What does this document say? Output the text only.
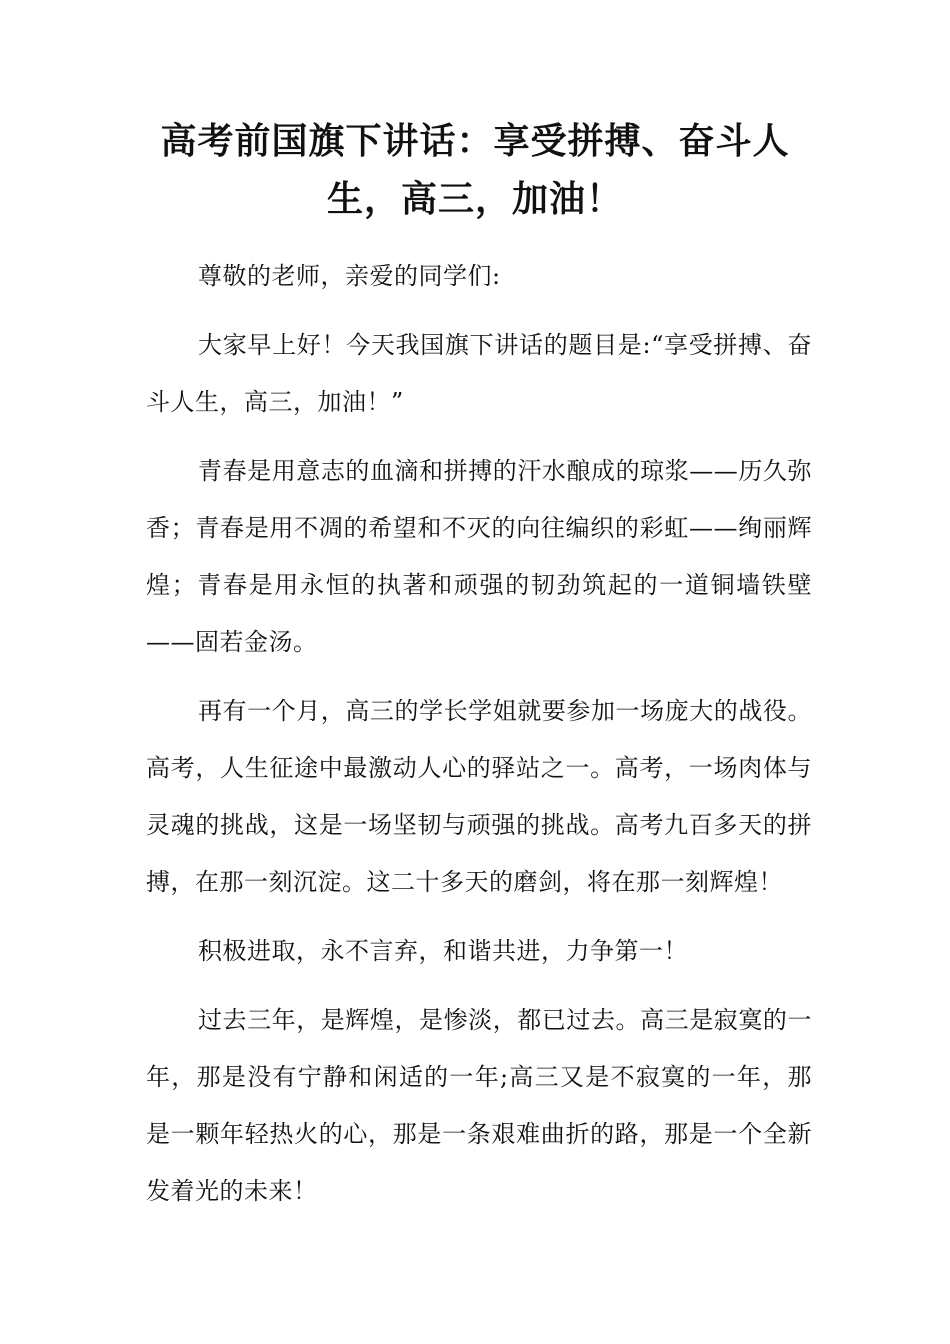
高考前国旗下讲话：享受拼搏、奋斗人生，高三，加油！

尊敬的老师，亲爱的同学们:

大家早上好！今天我国旗下讲话的题目是:“享受拼搏、奋斗人生，高三，加油！”

青春是用意志的血滴和拼搏的汗水酿成的琼浆——历久弥香；青春是用不凋的希望和不灭的向往编织的彩虹——绚丽辉煌；青春是用永恒的执著和顽强的韧劲筑起的一道铜墙铁壁——固若金汤。

再有一个月，高三的学长学姐就要参加一场庞大的战役。高考，人生征途中最激动人心的驿站之一。高考，一场肉体与灵魂的挑战，这是一场坚韧与顽强的挑战。高考九百多天的拼搏，在那一刻沉淀。这二十多天的磨剑，将在那一刻辉煌！

积极进取，永不言弃，和谐共进，力争第一！

过去三年，是辉煌，是惨淡，都已过去。高三是寂寞的一年，那是没有宁静和闲适的一年;高三又是不寂寞的一年，那是一颗年轻热火的心，那是一条艰难曲折的路，那是一个全新发着光的未来！
